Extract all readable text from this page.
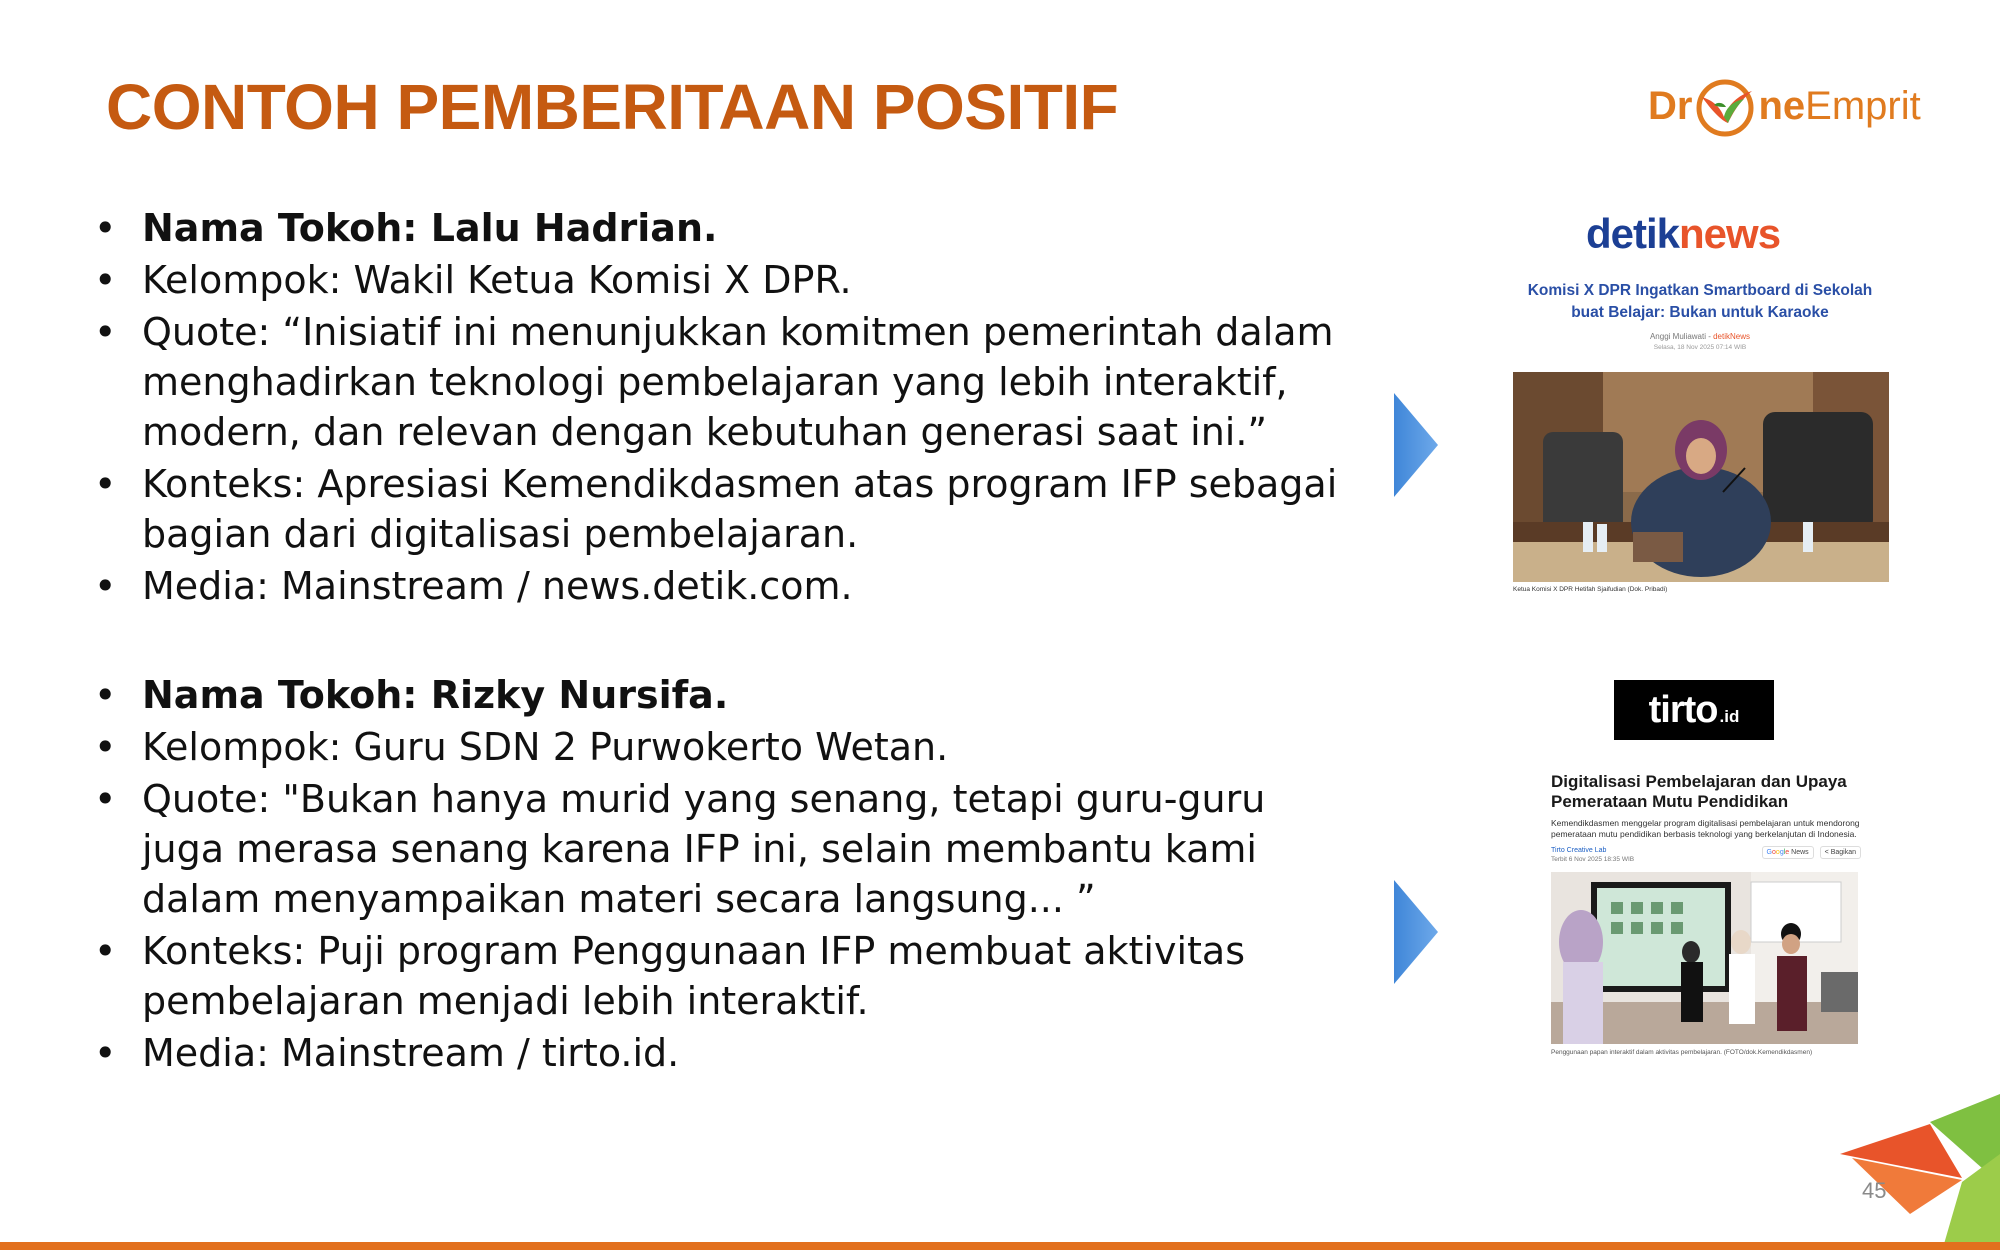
CONTOH PEMBERITAAN POSITIF	Dr ne Emprit
• Nama Tokoh: Lalu Hadrian.
• Kelompok: Wakil Ketua Komisi X DPR.
• Quote: “Inisiatif ini menunjukkan komitmen pemerintah dalam menghadirkan teknologi pembelajaran yang lebih interaktif, modern, dan relevan dengan kebutuhan generasi saat ini.”
• Konteks: Apresiasi Kemendikdasmen atas program IFP sebagai bagian dari digitalisasi pembelajaran.
• Media: Mainstream / news.detik.com.
• Nama Tokoh: Rizky Nursifa.
• Kelompok: Guru SDN 2 Purwokerto Wetan.
• Quote: "Bukan hanya murid yang senang, tetapi guru-guru juga merasa senang karena IFP ini, selain membantu kami dalam menyampaikan materi secara langsung... ”
• Konteks: Puji program Penggunaan IFP membuat aktivitas pembelajaran menjadi lebih interaktif.
• Media: Mainstream / tirto.id.
detiknews
Komisi X DPR Ingatkan Smartboard di Sekolah buat Belajar: Bukan untuk Karaoke
Anggi Muliawati - detikNews
Selasa, 18 Nov 2025 07:14 WIB
Ketua Komisi X DPR Hetifah Sjaifudian (Dok. Pribadi)
tirto .id
Digitalisasi Pembelajaran dan Upaya Pemerataan Mutu Pendidikan
Kemendikdasmen menggelar program digitalisasi pembelajaran untuk mendorong pemerataan mutu pendidikan berbasis teknologi yang berkelanjutan di Indonesia.
Tirto Creative Lab
Terbit 6 Nov 2025 18:35 WIB
Google News	< Bagikan
Penggunaan papan interaktif dalam aktivitas pembelajaran. (FOTO/dok.Kemendikdasmen)
45
